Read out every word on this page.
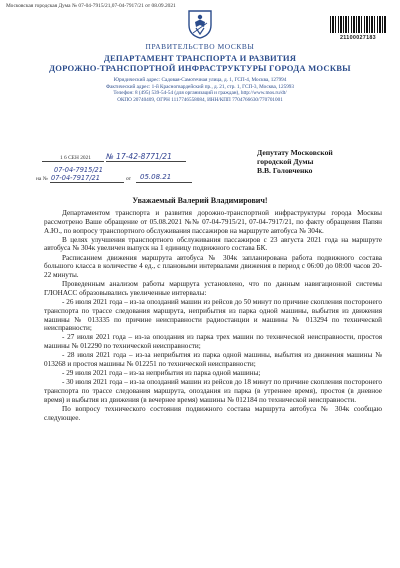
Московская городская Дума № 07-04-7915/21,07-04-7917/21 от 08.09.2021
21100027183
ПРАВИТЕЛЬСТВО МОСКВЫ
ДЕПАРТАМЕНТ ТРАНСПОРТА И РАЗВИТИЯ
ДОРОЖНО-ТРАНСПОРТНОЙ ИНФРАСТРУКТУРЫ ГОРОДА МОСКВЫ
Юридический адрес: Садовая-Самотечная улица, д. 1, ГСП-4, Москва, 127994
Фактический адрес: 1-й Красногвардейский пр., д. 21, стр. 1, ГСП-3, Москва, 125993
Телефон: 8 (495) 539-54-54 (для организаций и граждан), http://www.mos.ru/dt/
ОКПО 20740409, ОГРН 1117746558084, ИНН/КПП 7704766630/770701001
1 6 СЕН 2021 № 17-42-8771/21
07-04-7915/21
на № 07-04-7917/21	от 05.08.21
Депутату Московской
городской Думы
В.В. Головченко
Уважаемый Валерий Владимирович!

Департаментом транспорта и развития дорожно-транспортной инфраструктуры города Москвы рассмотрено Ваше обращение от 05.08.2021 №№ 07-04-7915/21, 07-04-7917/21, по факту обращения Папян А.Ю., по вопросу транспортного обслуживания пассажиров на маршруте автобуса № 304к.

В целях улучшения транспортного обслуживания пассажиров с 23 августа 2021 года на маршруте автобуса № 304к увеличен выпуск на 1 единицу подвижного состава БК.

Расписанием движения маршрута автобуса № 304к запланирована работа подвижного состава большого класса в количестве 4 ед., с плановыми интервалами движения в период с 06:00 до 08:00 часов 20-22 минуты.

Проведенным анализом работы маршрута установлено, что по данным навигационной системы ГЛОНАСС образовывались увеличенные интервалы:

- 26 июля 2021 года – из-за опозданий машин из рейсов до 50 минут по причине скопления посторонего транспорта по трассе следования маршрута, неприбытия из парка одной машины, выбытия из движения машины № 013335 по причине неисправности радиостанции и машины № 013294 по технической неисправности;

- 27 июля 2021 года – из-за опоздания из парка трех машин по технической неисправности, простоя машины № 012290 по технической неисправности;

- 28 июля 2021 года – из-за неприбытия из парка одной машины, выбытия из движения машины № 013268 и простоя машины № 012251 по технической неисправности;

- 29 июля 2021 года – из-за неприбытия из парка одной машины;

- 30 июля 2021 года – из-за опозданий машин из рейсов до 18 минут по причине скопления посторонего транспорта по трассе следования маршрута, опоздания из парка (в утреннее время), простоя (в дневное время) и выбытия из движения (в вечернее время) машины № 012184 по технической неисправности.

По вопросу технического состояния подвижного состава маршрута автобуса № 304к сообщаю следующее.
